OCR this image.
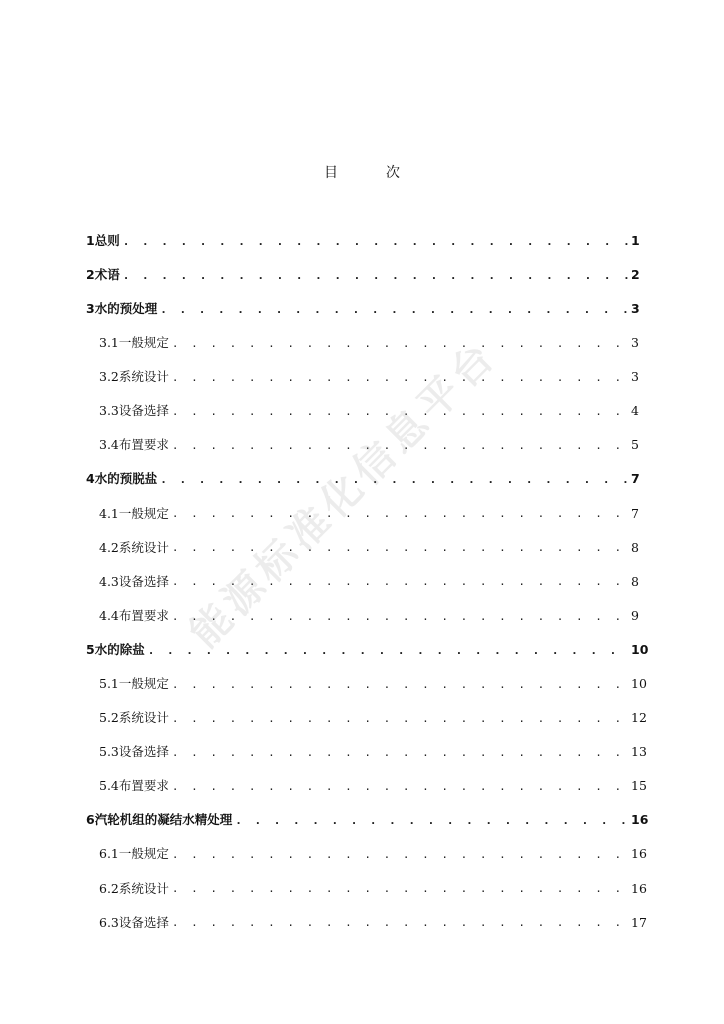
目	次
1 总则 . . .	1
2 术语 . . .	2
3 水的预处理 . . .	3
3.1 一般规定 . . .	3
3.2 系统设计 . . .	3
3.3 设备选择 . . .	4
3.4 布置要求 . . .	5
4 水的预脱盐 . . .	7
4.1 一般规定 . . .	7
4.2 系统设计 . . .	8
4.3 设备选择 . . .	8
4.4 布置要求 . . .	9
5 水的除盐 . . .	10
5.1 一般规定 . . .	10
5.2 系统设计 . . .	12
5.3 设备选择 . . .	13
5.4 布置要求 . . .	15
6 汽轮机组的凝结水精处理 . . .	16
6.1 一般规定 . . .	16
6.2 系统设计 . . .	16
6.3 设备选择 . . .	17
能源标准化信息平台
